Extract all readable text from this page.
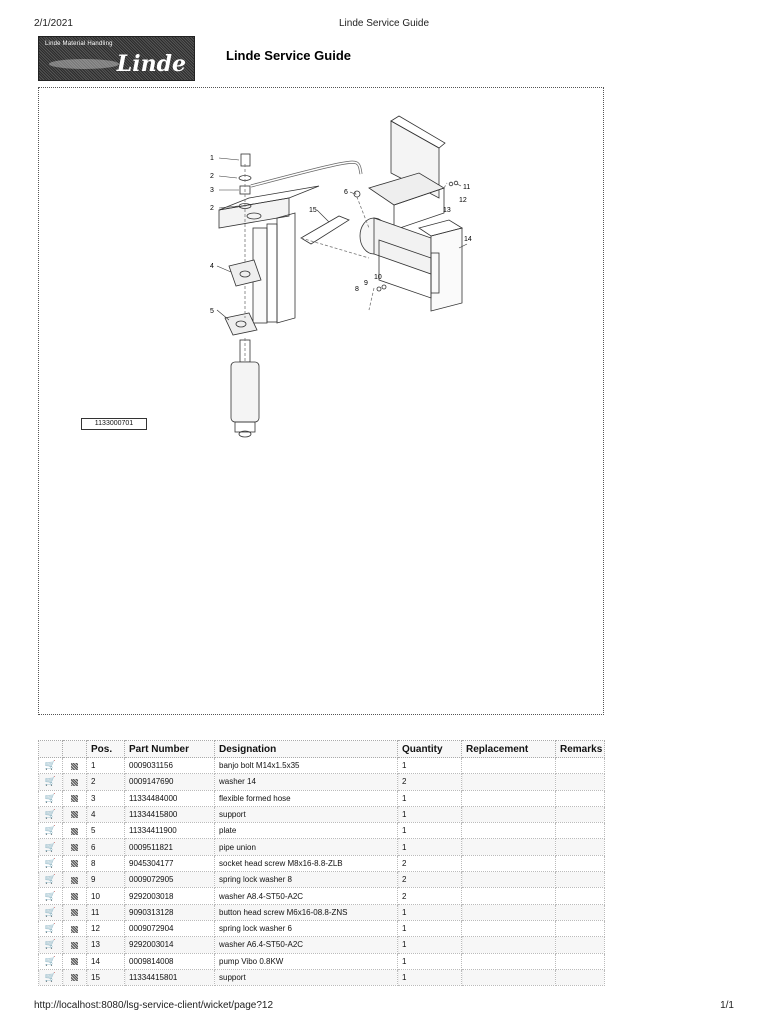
2/1/2021	Linde Service Guide
Linde Material Handling
Linde	Linde Service Guide
1
2
3
2
4
5
6
15
11
12
13
14
10
9
8
1133000701
		Pos.	Part Number	Designation	Quantity	Replacement	Remarks
🛒		1	0009031156	banjo bolt M14x1.5x35	1		
🛒		2	0009147690	washer 14	2		
🛒		3	11334484000	flexible formed hose	1		
🛒		4	11334415800	support	1		
🛒		5	11334411900	plate	1		
🛒		6	0009511821	pipe union	1		
🛒		8	9045304177	socket head screw M8x16-8.8-ZLB	2		
🛒		9	0009072905	spring lock washer 8	2		
🛒		10	9292003018	washer A8.4-ST50-A2C	2		
🛒		11	9090313128	button head screw M6x16-08.8-ZNS	1		
🛒		12	0009072904	spring lock washer 6	1		
🛒		13	9292003014	washer A6.4-ST50-A2C	1		
🛒		14	0009814008	pump Vibo 0.8KW	1		
🛒		15	11334415801	support	1		
http://localhost:8080/lsg-service-client/wicket/page?12	1/1
